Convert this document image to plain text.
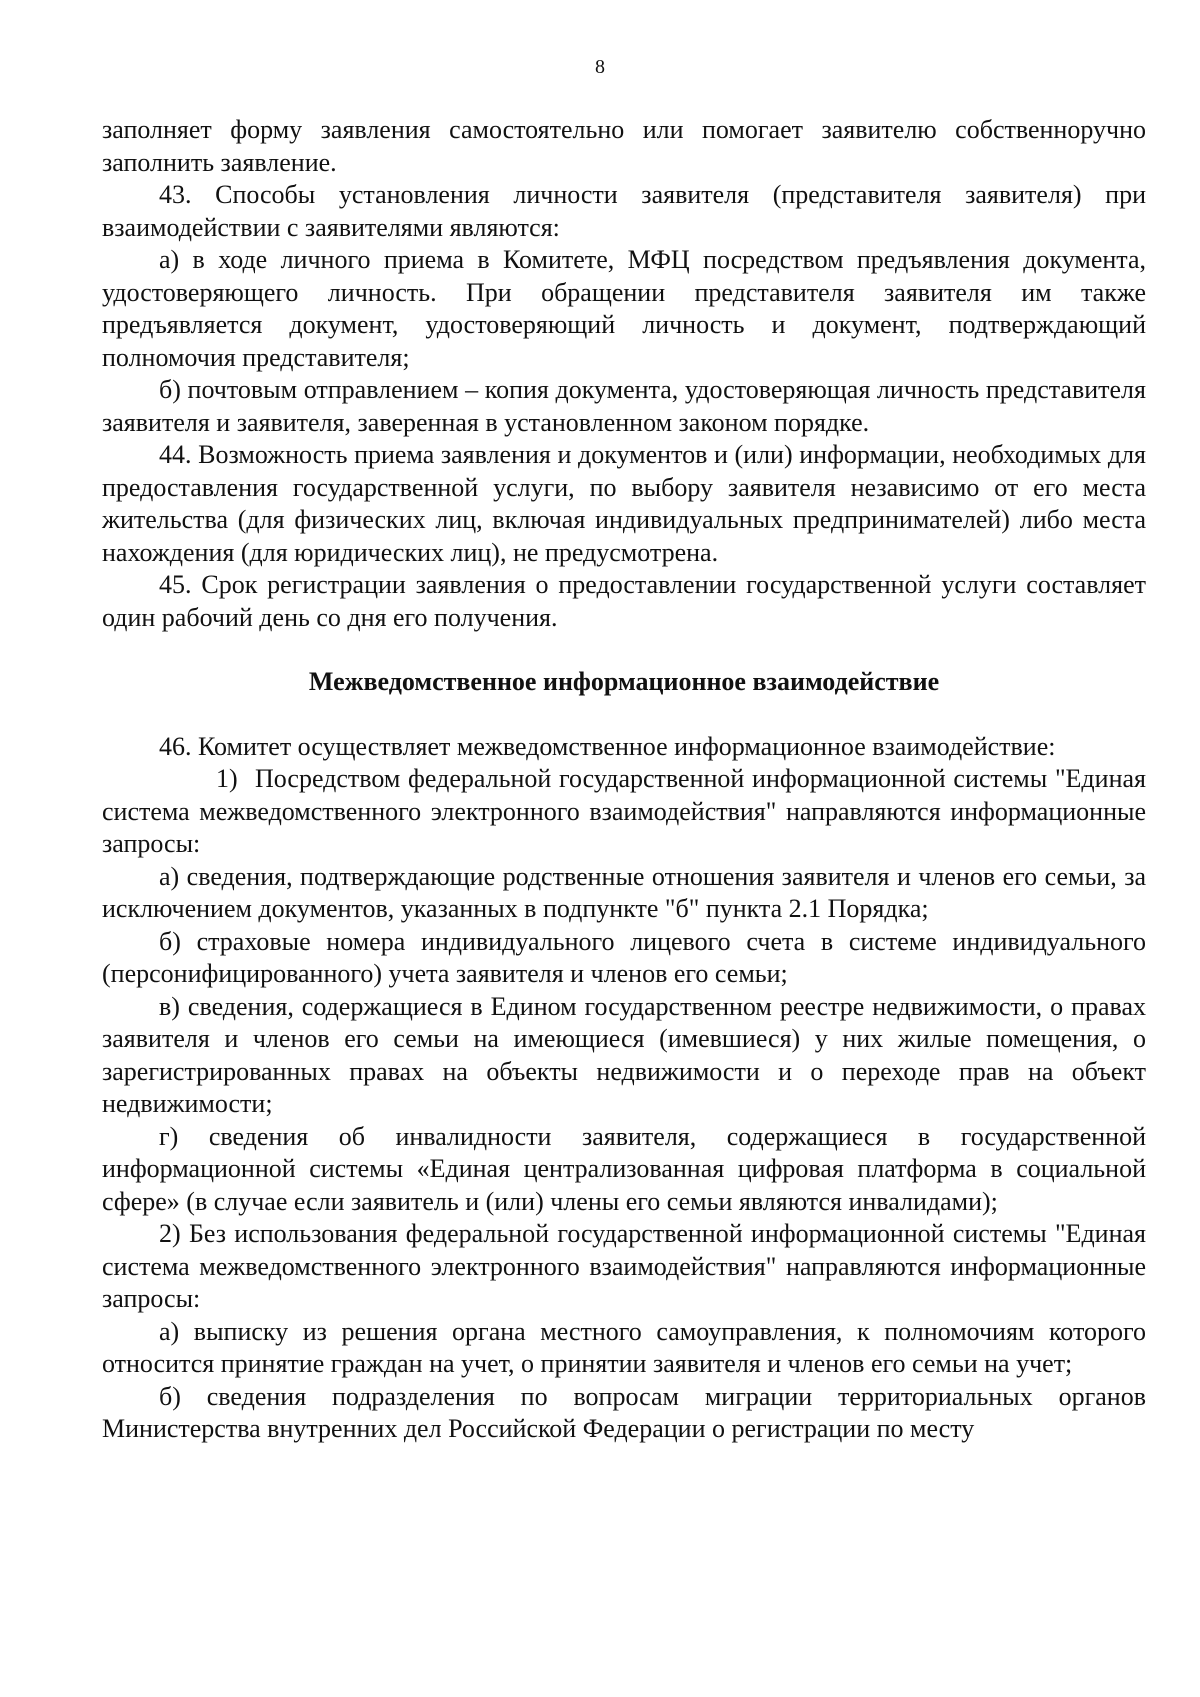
8

заполняет форму заявления самостоятельно или помогает заявителю собственноручно заполнить заявление.

43. Способы установления личности заявителя (представителя заявителя) при взаимодействии с заявителями являются:

а) в ходе личного приема в Комитете, МФЦ посредством предъявления документа, удостоверяющего личность. При обращении представителя заявителя им также предъявляется документ, удостоверяющий личность и документ, подтверждающий полномочия представителя;

б) почтовым отправлением – копия документа, удостоверяющая личность представителя заявителя и заявителя, заверенная в установленном законом порядке.

44. Возможность приема заявления и документов и (или) информации, необходимых для предоставления государственной услуги, по выбору заявителя независимо от его места жительства (для физических лиц, включая индивидуальных предпринимателей) либо места нахождения (для юридических лиц), не предусмотрена.

45. Срок регистрации заявления о предоставлении государственной услуги составляет один рабочий день со дня его получения.

Межведомственное информационное взаимодействие

46. Комитет осуществляет межведомственное информационное взаимодействие:

1) Посредством федеральной государственной информационной системы "Единая система межведомственного электронного взаимодействия" направляются информационные запросы:

а) сведения, подтверждающие родственные отношения заявителя и членов его семьи, за исключением документов, указанных в подпункте "б" пункта 2.1 Порядка;

б) страховые номера индивидуального лицевого счета в системе индивидуального (персонифицированного) учета заявителя и членов его семьи;

в) сведения, содержащиеся в Едином государственном реестре недвижимости, о правах заявителя и членов его семьи на имеющиеся (имевшиеся) у них жилые помещения, о зарегистрированных правах на объекты недвижимости и о переходе прав на объект недвижимости;

г) сведения об инвалидности заявителя, содержащиеся в государственной информационной системы «Единая централизованная цифровая платформа в социальной сфере» (в случае если заявитель и (или) члены его семьи являются инвалидами);

2) Без использования федеральной государственной информационной системы "Единая система межведомственного электронного взаимодействия" направляются информационные запросы:

а) выписку из решения органа местного самоуправления, к полномочиям которого относится принятие граждан на учет, о принятии заявителя и членов его семьи на учет;

б) сведения подразделения по вопросам миграции территориальных органов Министерства внутренних дел Российской Федерации о регистрации по месту
